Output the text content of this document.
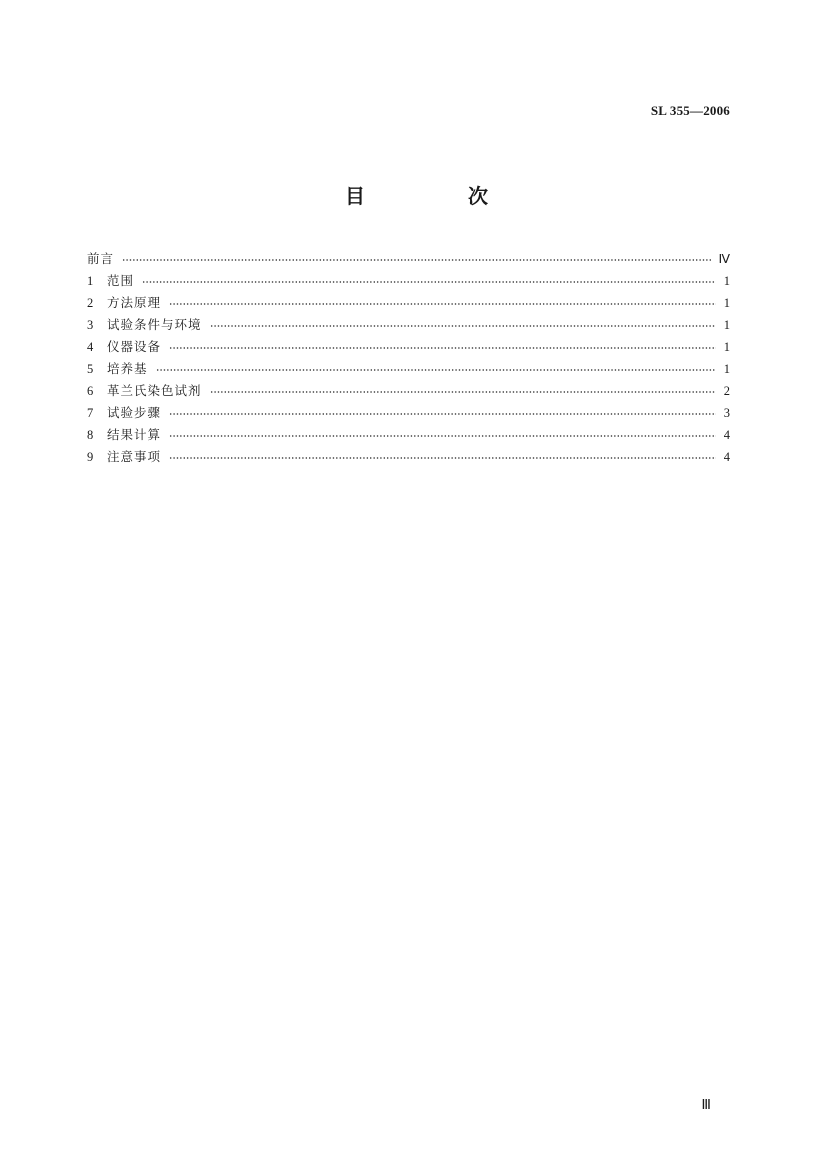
SL 355—2006
目 次
前言	Ⅳ
1	范围	1
2	方法原理	1
3	试验条件与环境	1
4	仪器设备	1
5	培养基	1
6	革兰氏染色试剂	2
7	试验步骤	3
8	结果计算	4
9	注意事项	4
Ⅲ
